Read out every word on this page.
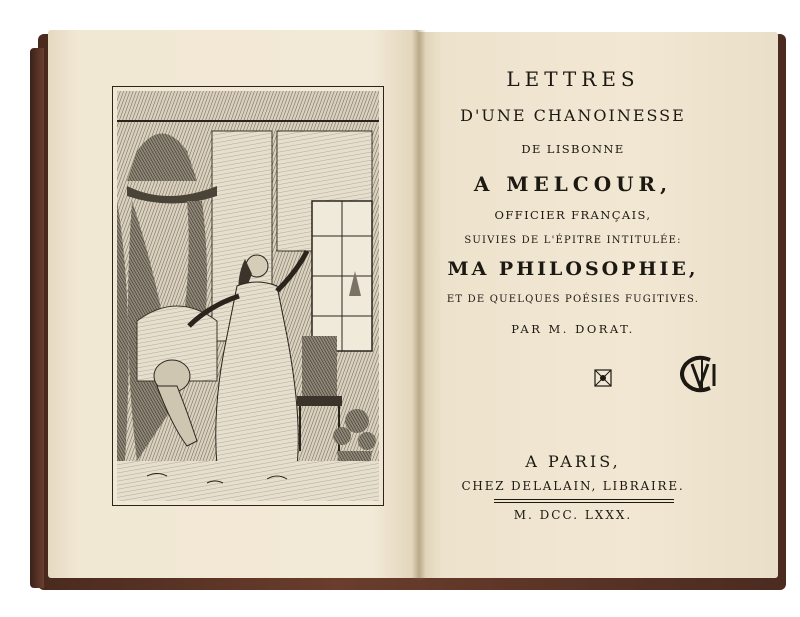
LETTRES
D'UNE CHANOINESSE
DE LISBONNE
A MELCOUR,
OFFICIER FRANÇAIS,
SUIVIES DE L'ÉPITRE INTITULÉE:
MA PHILOSOPHIE,
ET DE QUELQUES POÉSIES FUGITIVES.
PAR M. DORAT.
A PARIS,
CHEZ DELALAIN, LIBRAIRE.
M. DCC. LXXX.
